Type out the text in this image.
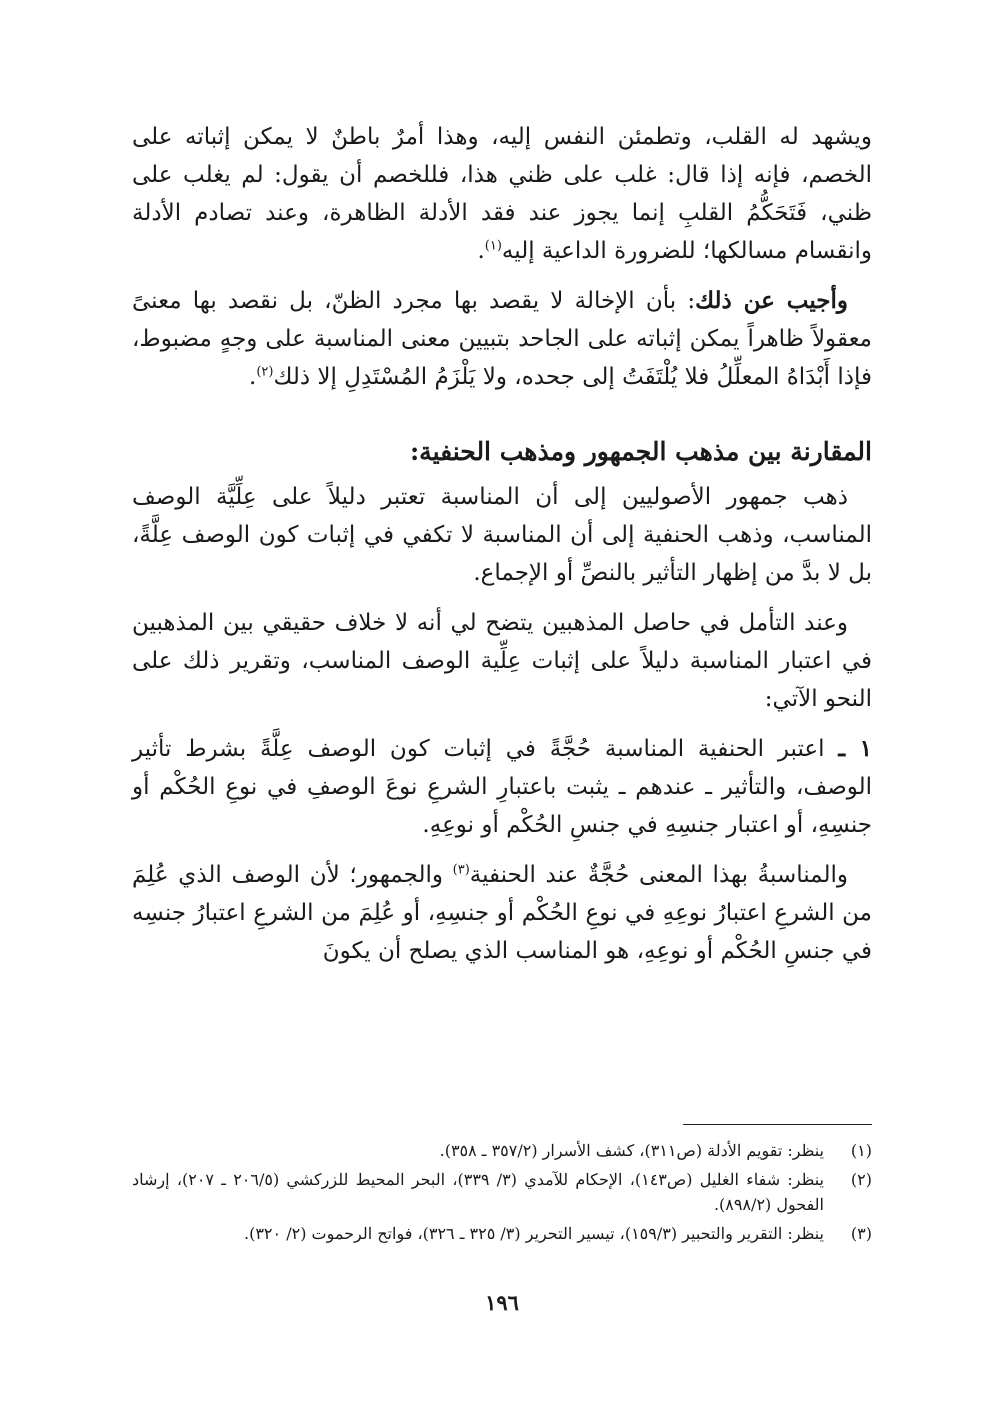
ويشهد له القلب، وتطمئن النفس إليه، وهذا أمرٌ باطنٌ لا يمكن إثباته على الخصم، فإنه إذا قال: غلب على ظني هذا، فللخصم أن يقول: لم يغلب على ظني، فَتَحَكُّمُ القلبِ إنما يجوز عند فقد الأدلة الظاهرة، وعند تصادم الأدلة وانقسام مسالكها؛ للضرورة الداعية إليه$^{(١)}$.

وأجيب عن ذلك: بأن الإخالة لا يقصد بها مجرد الظنّ، بل نقصد بها معنىً معقولاً ظاهراً يمكن إثباته على الجاحد بتبيين معنى المناسبة على وجهٍ مضبوط، فإذا أَبْدَاهُ المعلِّلُ فلا يُلْتَفَتُ إلى جحده، ولا يَلْزَمُ المُسْتَدِلِ إلا ذلك$^{(٢)}$.

المقارنة بين مذهب الجمهور ومذهب الحنفية:

ذهب جمهور الأصوليين إلى أن المناسبة تعتبر دليلاً على عِلِّيَّة الوصف المناسب، وذهب الحنفية إلى أن المناسبة لا تكفي في إثبات كون الوصف عِلَّةً، بل لا بدَّ من إظهار التأثير بالنصِّ أو الإجماع.

وعند التأمل في حاصل المذهبين يتضح لي أنه لا خلاف حقيقي بين المذهبين في اعتبار المناسبة دليلاً على إثبات عِلِّية الوصف المناسب، وتقرير ذلك على النحو الآتي:

١ ـ اعتبر الحنفية المناسبة حُجَّةً في إثبات كون الوصف عِلَّةً بشرط تأثير الوصف، والتأثير ـ عندهم ـ يثبت باعتبارِ الشرعِ نوعَ الوصفِ في نوعِ الحُكْم أو جنسِهِ، أو اعتبار جنسِهِ في جنسِ الحُكْم أو نوعِهِ.

والمناسبةُ بهذا المعنى حُجَّةٌ عند الحنفية$^{(٣)}$ والجمهور؛ لأن الوصف الذي عُلِمَ من الشرعِ اعتبارُ نوعِهِ في نوعِ الحُكْم أو جنسِهِ، أو عُلِمَ من الشرعِ اعتبارُ جنسِه في جنسِ الحُكْم أو نوعِهِ، هو المناسب الذي يصلح أن يكونَ

(١)
ينظر: تقويم الأدلة (ص٣١١)، كشف الأسرار (٣٥٧/٢ ـ ٣٥٨).
(٢)
ينظر: شفاء الغليل (ص١٤٣)، الإحكام للآمدي (٣/ ٣٣٩)، البحر المحيط للزركشي (٢٠٦/٥ ـ ٢٠٧)، إرشاد الفحول (٨٩٨/٢).
(٣)
ينظر: التقرير والتحبير (١٥٩/٣)، تيسير التحرير (٣/ ٣٢٥ ـ ٣٢٦)، فواتح الرحموت (٢/ ٣٢٠).
١٩٦
